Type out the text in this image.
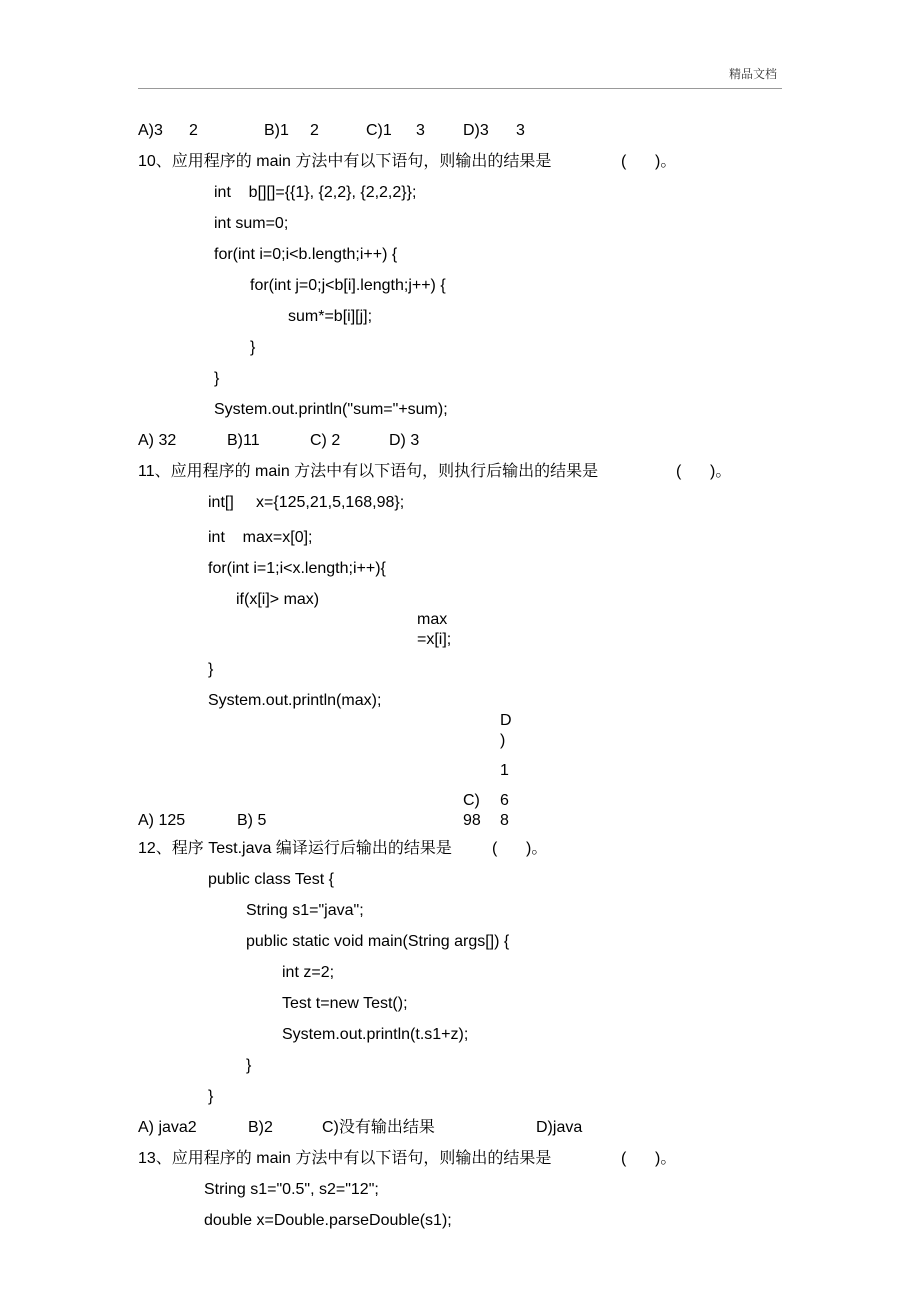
精品文档
A)3 2	B)1 2	C)1 3 D)3 3
10、应用程序的 main 方法中有以下语句，则输出的结果是	( )。
int    b[][]={{1}, {2,2}, {2,2,2}};
int sum=0;
for(int i=0;i<b.length;i++) {
for(int j=0;j<b[i].length;j++) {
sum*=b[i][j];
}
}
System.out.println("sum="+sum);
A) 32	B)11	C) 2	D) 3
11、应用程序的 main 方法中有以下语句，则执行后输出的结果是	( )。
int[]     x={125,21,5,168,98};
int    max=x[0];
for(int i=1;i<x.length;i++){
if(x[i]> max)
max
=x[i];
}
System.out.println(max);
D
)
1
6
8
A) 125	B) 5
C)
98
12、程序 Test.java 编译运行后输出的结果是	( )。
public class Test {
String s1="java";
public static void main(String args[]) {
int z=2;
Test t=new Test();
System.out.println(t.s1+z);
}
}
A) java2	B)2	C)没有输出结果	D)java
13、应用程序的 main 方法中有以下语句，则输出的结果是	( )。
String s1="0.5", s2="12";
double x=Double.parseDouble(s1);
